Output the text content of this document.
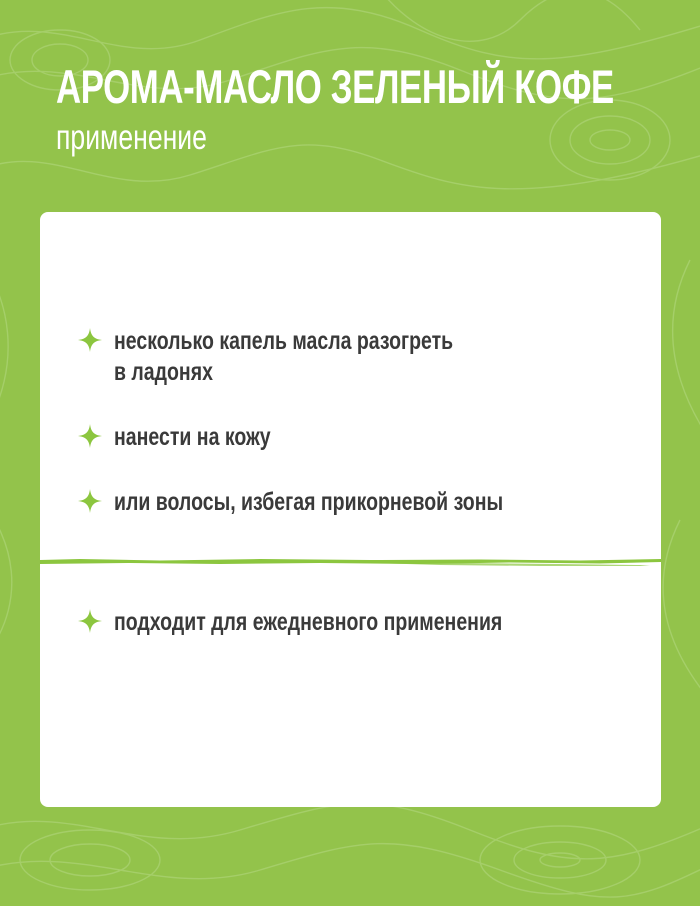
АРОМА-МАСЛО ЗЕЛЕНЫЙ КОФЕ
применение
несколько капель масла разогреть
в ладонях
нанести на кожу
или волосы, избегая прикорневой зоны
подходит для ежедневного применения
